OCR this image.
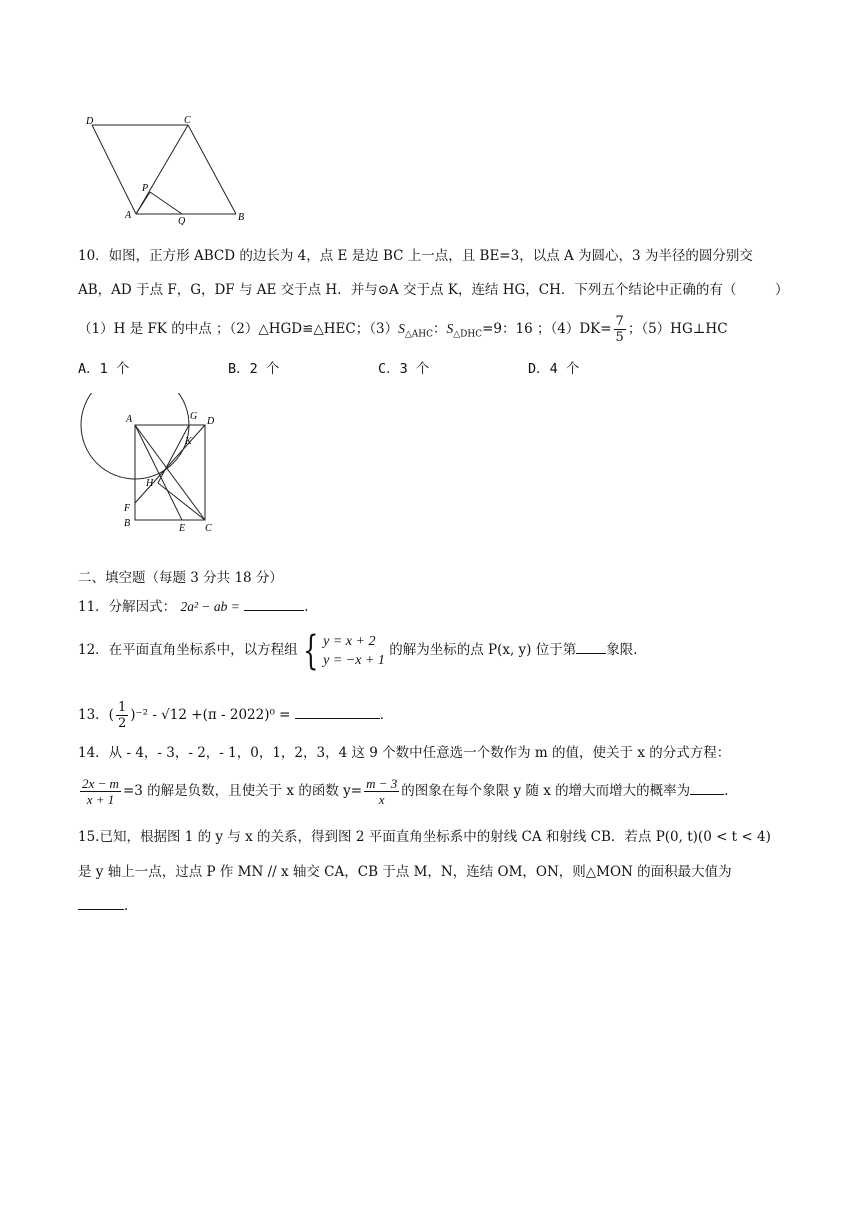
D	C
P
A
Q	B
10．如图，正方形 ABCD 的边长为 4，点 E 是边 BC 上一点，且 BE=3，以点 A 为圆心，3 为半径的圆分别交
AB，AD 于点 F，G，DF 与 AE 交于点 H．并与⊙A 交于点 K，连结 HG，CH．下列五个结论中正确的有（	）
（1）H 是 FK 的中点 ；（2）△HGD≌△HEC；$(3)S_{\triangle AHC}$：$S_{\triangle DHC}=9$：16 ；$(4)DK= \frac{7}{5}$ ；（5）HG⊥HC
A．1 个	B．2 个	C．3 个	D．4 个
A	G D
K
H
F
B	E C
二、填空题（每题 3 分共 18 分）
11．分解因式： 2a² − ab =	．
12．在平面直角坐标系中，以方程组 { y = x + 2
y = −x + 1
的解为坐标的点 P(x, y) 位于第 象限.
13．( $\frac{1}{2} )^{-2} - √12 +(\pi - 2022)^0$ =	．
14．从 - 4，- 3，- 2，- 1，0，1，2，3，4 这 9 个数中任意选一个数作为 m 的值，使关于 x 的分式方程：
$\frac{2x - m}{x + 1} =3$ 的解是负数，且使关于 x 的函数 $y= \frac{m - 3}{x}$ 的图象在每个象限 y 随 x 的增大而增大的概率为	.
15.已知，根据图 1 的 y 与 x 的关系，得到图 2 平面直角坐标系中的射线 CA 和射线 CB．若点 P(0, t)(0 < t < 4)
是 y 轴上一点，过点 P 作 MN // x 轴交 CA，CB 于点 M，N，连结 OM，ON，则△MON 的面积最大值为
.
